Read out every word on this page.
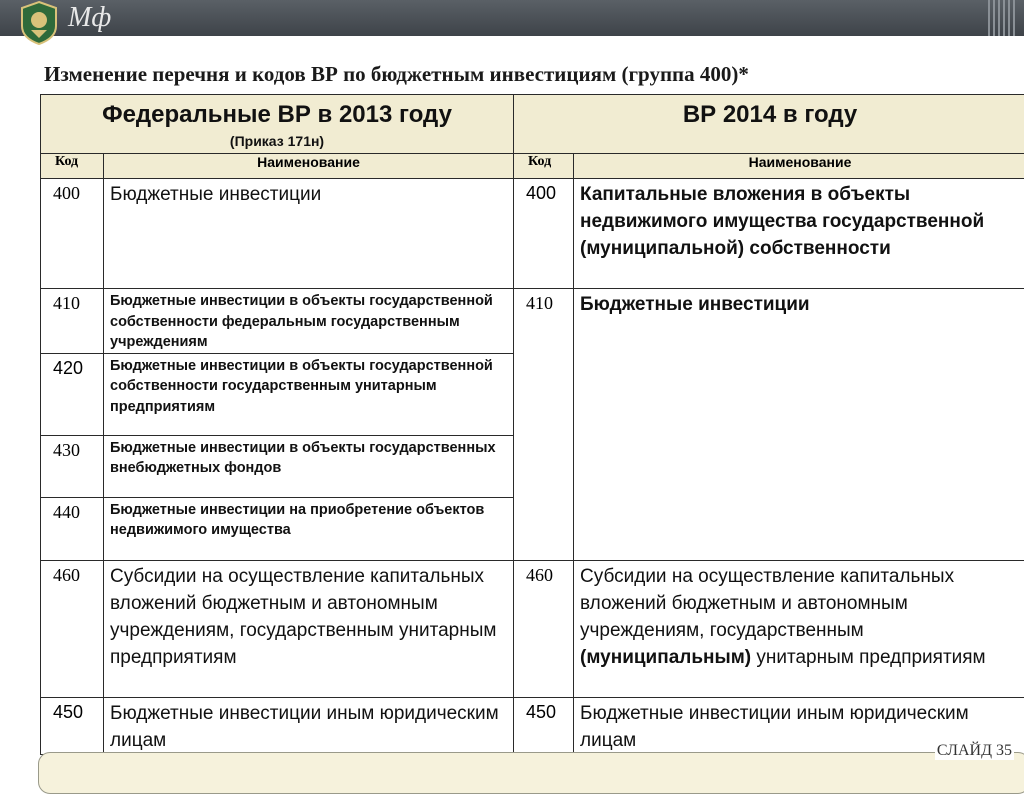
Мф
Изменение перечня и кодов ВР по бюджетным инвестициям (группа 400)*
Федеральные ВР в 2013 году
(Приказ 171н)		ВР 2014 в году	

Код	Наименование	Код	Наименование
400	Бюджетные инвестиции	400	Капитальные вложения в объекты недвижимого имущества государственной (муниципальной) собственности
410	Бюджетные инвестиции в объекты государственной собственности федеральным государственным учреждениям	410	Бюджетные инвестиции
420	Бюджетные инвестиции в объекты государственной
собственности государственным унитарным предприятиям		

430	Бюджетные инвестиции в объекты государственных
внебюджетных фондов		

440	Бюджетные инвестиции на приобретение объектов
недвижимого имущества		

460	Субсидии на осуществление капитальных вложений бюджетным и автономным учреждениям, государственным унитарным предприятиям	460	Субсидии на осуществление капитальных вложений бюджетным и автономным учреждениям, государственным (муниципальным) унитарным предприятиям
450	Бюджетные инвестиции иным юридическим лицам	450	Бюджетные инвестиции иным юридическим лицам	СЛАЙД 35
